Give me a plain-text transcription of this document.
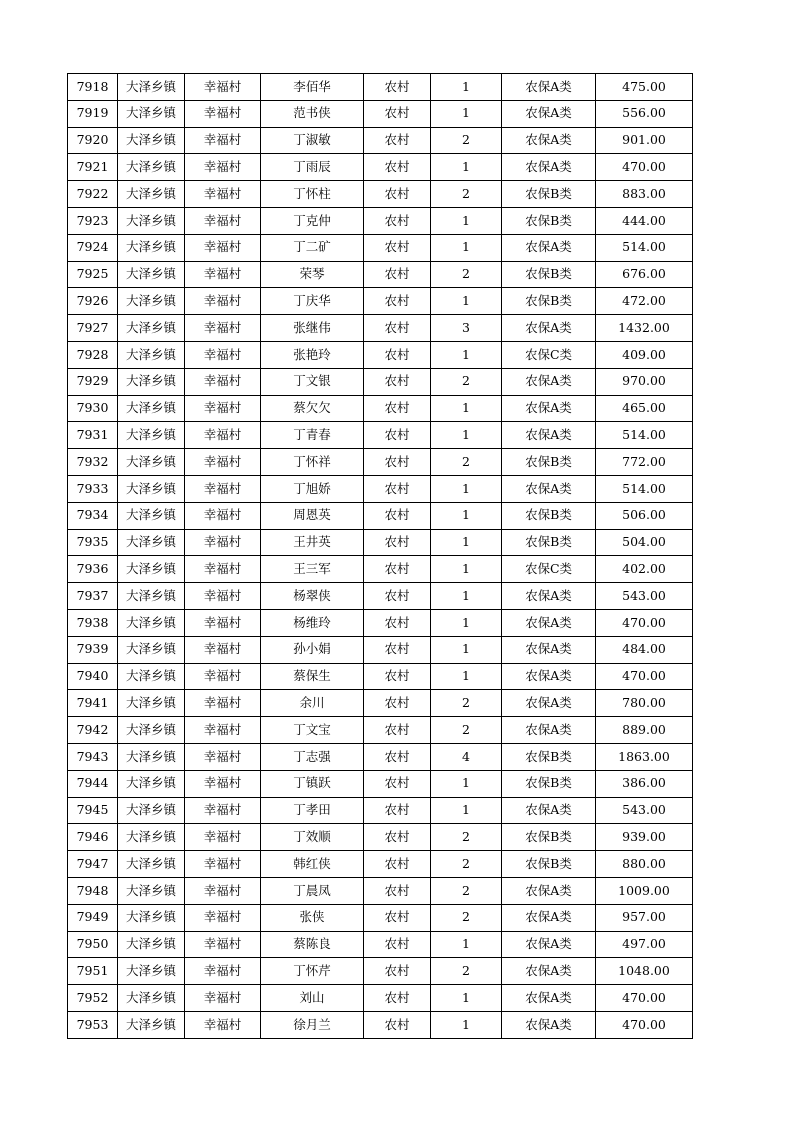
7918	大泽乡镇	幸福村	李佰华	农村	1	农保A类	475.00
7919	大泽乡镇	幸福村	范书侠	农村	1	农保A类	556.00
7920	大泽乡镇	幸福村	丁淑敏	农村	2	农保A类	901.00
7921	大泽乡镇	幸福村	丁雨辰	农村	1	农保A类	470.00
7922	大泽乡镇	幸福村	丁怀柱	农村	2	农保B类	883.00
7923	大泽乡镇	幸福村	丁克仲	农村	1	农保B类	444.00
7924	大泽乡镇	幸福村	丁二矿	农村	1	农保A类	514.00
7925	大泽乡镇	幸福村	荣琴	农村	2	农保B类	676.00
7926	大泽乡镇	幸福村	丁庆华	农村	1	农保B类	472.00
7927	大泽乡镇	幸福村	张继伟	农村	3	农保A类	1432.00
7928	大泽乡镇	幸福村	张艳玲	农村	1	农保C类	409.00
7929	大泽乡镇	幸福村	丁文银	农村	2	农保A类	970.00
7930	大泽乡镇	幸福村	蔡欠欠	农村	1	农保A类	465.00
7931	大泽乡镇	幸福村	丁青春	农村	1	农保A类	514.00
7932	大泽乡镇	幸福村	丁怀祥	农村	2	农保B类	772.00
7933	大泽乡镇	幸福村	丁旭娇	农村	1	农保A类	514.00
7934	大泽乡镇	幸福村	周恩英	农村	1	农保B类	506.00
7935	大泽乡镇	幸福村	王井英	农村	1	农保B类	504.00
7936	大泽乡镇	幸福村	王三军	农村	1	农保C类	402.00
7937	大泽乡镇	幸福村	杨翠侠	农村	1	农保A类	543.00
7938	大泽乡镇	幸福村	杨维玲	农村	1	农保A类	470.00
7939	大泽乡镇	幸福村	孙小娟	农村	1	农保A类	484.00
7940	大泽乡镇	幸福村	蔡保生	农村	1	农保A类	470.00
7941	大泽乡镇	幸福村	余川	农村	2	农保A类	780.00
7942	大泽乡镇	幸福村	丁文宝	农村	2	农保A类	889.00
7943	大泽乡镇	幸福村	丁志强	农村	4	农保B类	1863.00
7944	大泽乡镇	幸福村	丁镇跃	农村	1	农保B类	386.00
7945	大泽乡镇	幸福村	丁孝田	农村	1	农保A类	543.00
7946	大泽乡镇	幸福村	丁效顺	农村	2	农保B类	939.00
7947	大泽乡镇	幸福村	韩红侠	农村	2	农保B类	880.00
7948	大泽乡镇	幸福村	丁晨凤	农村	2	农保A类	1009.00
7949	大泽乡镇	幸福村	张侠	农村	2	农保A类	957.00
7950	大泽乡镇	幸福村	蔡陈良	农村	1	农保A类	497.00
7951	大泽乡镇	幸福村	丁怀芹	农村	2	农保A类	1048.00
7952	大泽乡镇	幸福村	刘山	农村	1	农保A类	470.00
7953	大泽乡镇	幸福村	徐月兰	农村	1	农保A类	470.00
